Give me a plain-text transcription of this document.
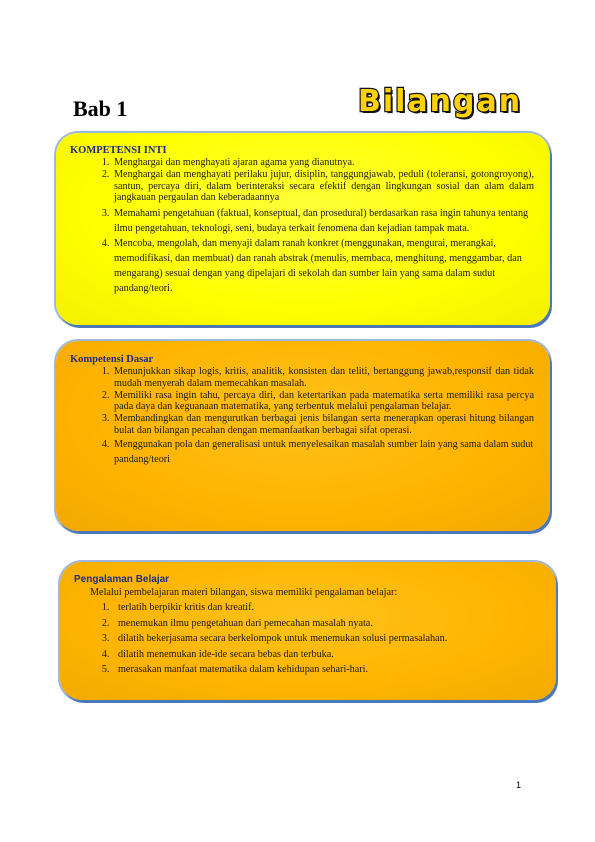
Bab 1	Bilangan
KOMPETENSI INTI
1. Menghargai dan menghayati ajaran agama yang dianutnya.
2. Menghargai dan menghayati perilaku jujur, disiplin, tanggungjawab, peduli (toleransi, gotongroyong), santun, percaya diri, dalam berinteraksi secara efektif dengan lingkungan sosial dan alam dalam jangkauan pergaulan dan keberadaannya
3. Memahami pengetahuan (faktual, konseptual, dan prosedural) berdasarkan rasa ingin tahunya tentang ilmu pengetahuan, teknologi, seni, budaya terkait fenomena dan kejadian tampak mata.
4. Mencoba, mengolah, dan menyaji dalam ranah konkret (menggunakan, mengurai, merangkai, memodifikasi, dan membuat) dan ranah abstrak (menulis, membaca, menghitung, menggambar, dan mengarang) sesuai dengan yang dipelajari di sekolah dan sumber lain yang sama dalam sudut pandang/teori.
Kompetensi Dasar
1. Menunjukkan sikap logis, kritis, analitik, konsisten dan teliti, bertanggung jawab,responsif dan tidak mudah menyerah dalam memecahkan masalah.
2. Memiliki rasa ingin tahu, percaya diri, dan ketertarikan pada matematika serta memiliki rasa percya pada daya dan keguanaan matematika, yang terbentuk melalui pengalaman belajar.
3. Membandingkan dan mengurutkan berbagai jenis bilangan serta menerapkan operasi hitung bilangan bulat dan bilangan pecahan dengan memanfaatkan berbagai sifat operasi.
4. Menggunakan pola dan generalisasi untuk menyelesaikan masalah sumber lain yang sama dalam sudut pandang/teori
Pengalaman Belajar
Melalui pembelajaran materi bilangan, siswa memiliki pengalaman belajar:
1. terlatih berpikir kritis dan kreatif.
2. menemukan ilmu pengetahuan dari pemecahan masalah nyata.
3. dilatih bekerjasama secara berkelompok untuk menemukan solusi permasalahan.
4. dilatih menemukan ide-ide secara bebas dan terbuka.
5. merasakan manfaat matematika dalam kehidupan sehari-hari.
1
